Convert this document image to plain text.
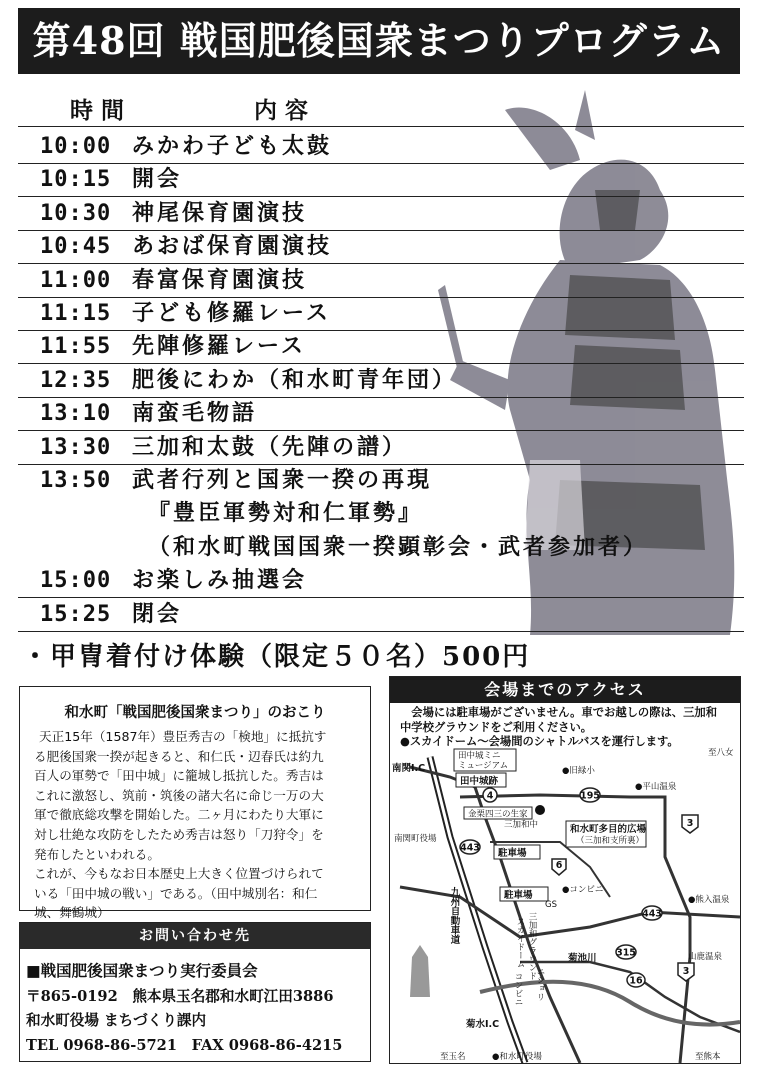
第48回 戦国肥後国衆まつりプログラム
時間	内容
10:00 みかわ子ども太鼓
10:15 開会
10:30 神尾保育園演技
10:45 あおば保育園演技
11:00 春富保育園演技
11:15 子ども修羅レース
11:55 先陣修羅レース
12:35 肥後にわか（和水町青年団）
13:10 南蛮毛物語
13:30 三加和太鼓（先陣の譜）
13:50 武者行列と国衆一揆の再現
『豊臣軍勢対和仁軍勢』
（和水町戦国国衆一揆顕彰会・武者参加者）
15:00 お楽しみ抽選会
15:25 閉会
・甲冑着付け体験（限定５０名）500円
和水町「戦国肥後国衆まつり」のおこり
天正15年（1587年）豊臣秀吉の「検地」に抵抗す
る肥後国衆一揆が起きると、和仁氏・辺春氏は約九
百人の軍勢で「田中城」に籠城し抵抗した。秀吉は
これに激怒し、筑前・筑後の諸大名に命じ一万の大
軍で徹底総攻撃を開始した。二ヶ月にわたり大軍に
対し壮絶な攻防をしたため秀吉は怒り「刀狩令」を
発布したといわれる。
これが、今もなお日本歴史上大きく位置づけられて
いる「田中城の戦い」である。（田中城別名：和仁
城、舞鶴城）
お問い合わせ先
■戦国肥後国衆まつり実行委員会
〒865-0192　熊本県玉名郡和水町江田3886
和水町役場 まちづくり課内
TEL 0968-86-5721　FAX 0968-86-4215
会場までのアクセス
会場には駐車場がございません。車でお越しの際は、三加和
中学校グラウンドをご利用ください。
●スカイドーム～会場間のシャトルバスを運行します。
4	195
3
443
6
443
315
16
3
田中城ミニ
ミュージアム
田中城跡
金栗四三の生家
駐車場
駐車場
和水町多目的広場
（三加和支所裏）
南関I.C	●旧緑小
至八女
●平山温泉
三加和中
南関町役場
●コンビニ
GS
スカイドーム 三加和グラウンド
九州自動車道	●熊入温泉
菊池川	山鹿温泉
ニショリ
コンビニ
菊水I.C
至玉名	●和水町役場	至熊本
